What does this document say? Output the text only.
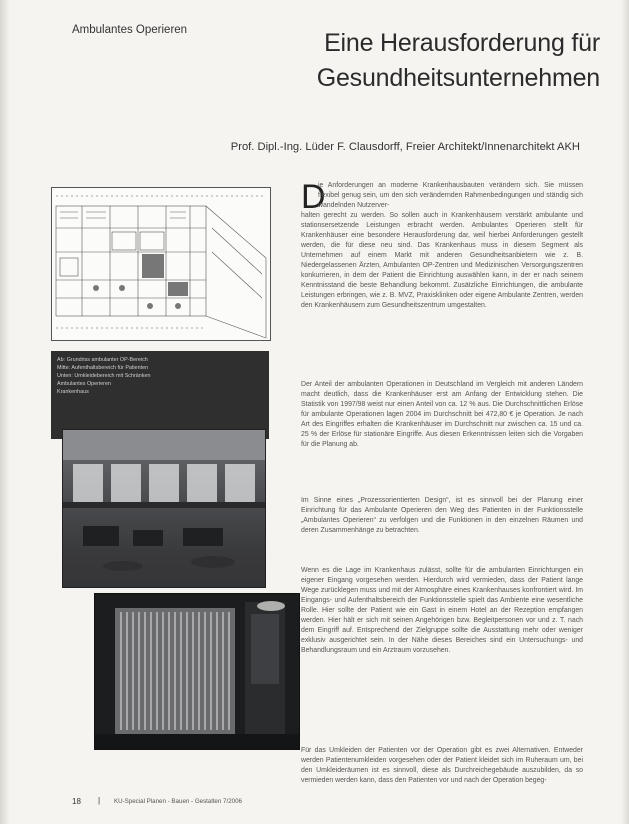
Ambulantes Operieren	Eine Herausforderung für
Gesundheitsunternehmen
Prof. Dipl.-Ing. Lüder F. Clausdorff, Freier Architekt/Innenarchitekt AKH
Ab: Grundriss ambulanter OP-Bereich
Mitte: Aufenthaltsbereich für Patienten
Unten: Umkleidebereich mit Schränken
Ambulantes Operieren
Krankenhaus
D
ie Anforderungen an moderne Krankenhausbauten verändern sich. Sie müssen flexibel genug sein, um den sich verändernden Rahmenbedingungen und ständig sich wandelnden Nutzerver-
halten gerecht zu werden. So sollen auch in Krankenhäusern verstärkt ambulante und stationsersetzende Leistungen erbracht werden. Ambulantes Operieren stellt für Krankenhäuser eine besondere Herausforderung dar, weil hierbei Anforderungen gestellt werden, die für diese neu sind. Das Krankenhaus muss in diesem Segment als Unternehmen auf einem Markt mit anderen Gesundheitsanbietern wie z. B. Niedergelassenen Ärzten, Ambulanten OP-Zentren und Medizinischen Versorgungszentren konkurrieren, in dem der Patient die Einrichtung auswählen kann, in der er nach seinem Kenntnisstand die beste Behandlung bekommt. Zusätzliche Einrichtungen, die ambulante Leistungen erbringen, wie z. B. MVZ, Praxisklinken oder eigene Ambulante Zentren, werden den Krankenhäusern zum Gesundheitszentrum umgestalten.
Der Anteil der ambulanten Operationen in Deutschland im Vergleich mit anderen Ländern macht deutlich, dass die Krankenhäuser erst am Anfang der Entwicklung stehen. Die Statistik von 1997/98 weist nur einen Anteil von ca. 12 % aus. Die Durchschnittlichen Erlöse für ambulante Operationen lagen 2004 im Durchschnitt bei 472,80 € je Operation. Je nach Art des Eingriffes erhalten die Krankenhäuser im Durchschnitt nur zwischen ca. 15 und ca. 25 % der Erlöse für stationäre Eingriffe. Aus diesen Erkenntnissen leiten sich die Vorgaben für die Planung ab.
Im Sinne eines „Prozessorientierten Design“, ist es sinnvoll bei der Planung einer Einrichtung für das Ambulante Operieren den Weg des Patienten in der Funktionsstelle „Ambulantes Operieren“ zu verfolgen und die Funktionen in den einzelnen Räumen und deren Zusammenhänge zu betrachten.
Wenn es die Lage im Krankenhaus zulässt, sollte für die ambulanten Einrichtungen ein eigener Eingang vorgesehen werden. Hierdurch wird vermieden, dass der Patient lange Wege zurücklegen muss und mit der Atmosphäre eines Krankenhauses konfrontiert wird. Im Eingangs- und Aufenthaltsbereich der Funktionsstelle spielt das Ambiente eine wesentliche Rolle. Hier sollte der Patient wie ein Gast in einem Hotel an der Rezeption empfangen werden. Hier hält er sich mit seinen Angehörigen bzw. Begleitpersonen vor und z. T. nach dem Eingriff auf. Entsprechend der Zielgruppe sollte die Ausstattung mehr oder weniger exklusiv ausgerichtet sein. In der Nähe dieses Bereiches sind ein Untersuchungs- und Behandlungsraum und ein Arztraum vorzusehen.
Für das Umkleiden der Patienten vor der Operation gibt es zwei Alternativen. Entweder werden Patientenumkleiden vorgesehen oder der Patient kleidet sich im Ruheraum um, bei den Umkleideräumen ist es sinnvoll, diese als Durchreichegebäude auszubilden, da so vermieden werden kann, dass den Patienten vor und nach der Operation begeg-
18 | KU-Special Planen - Bauen - Gestalten 7/2006
